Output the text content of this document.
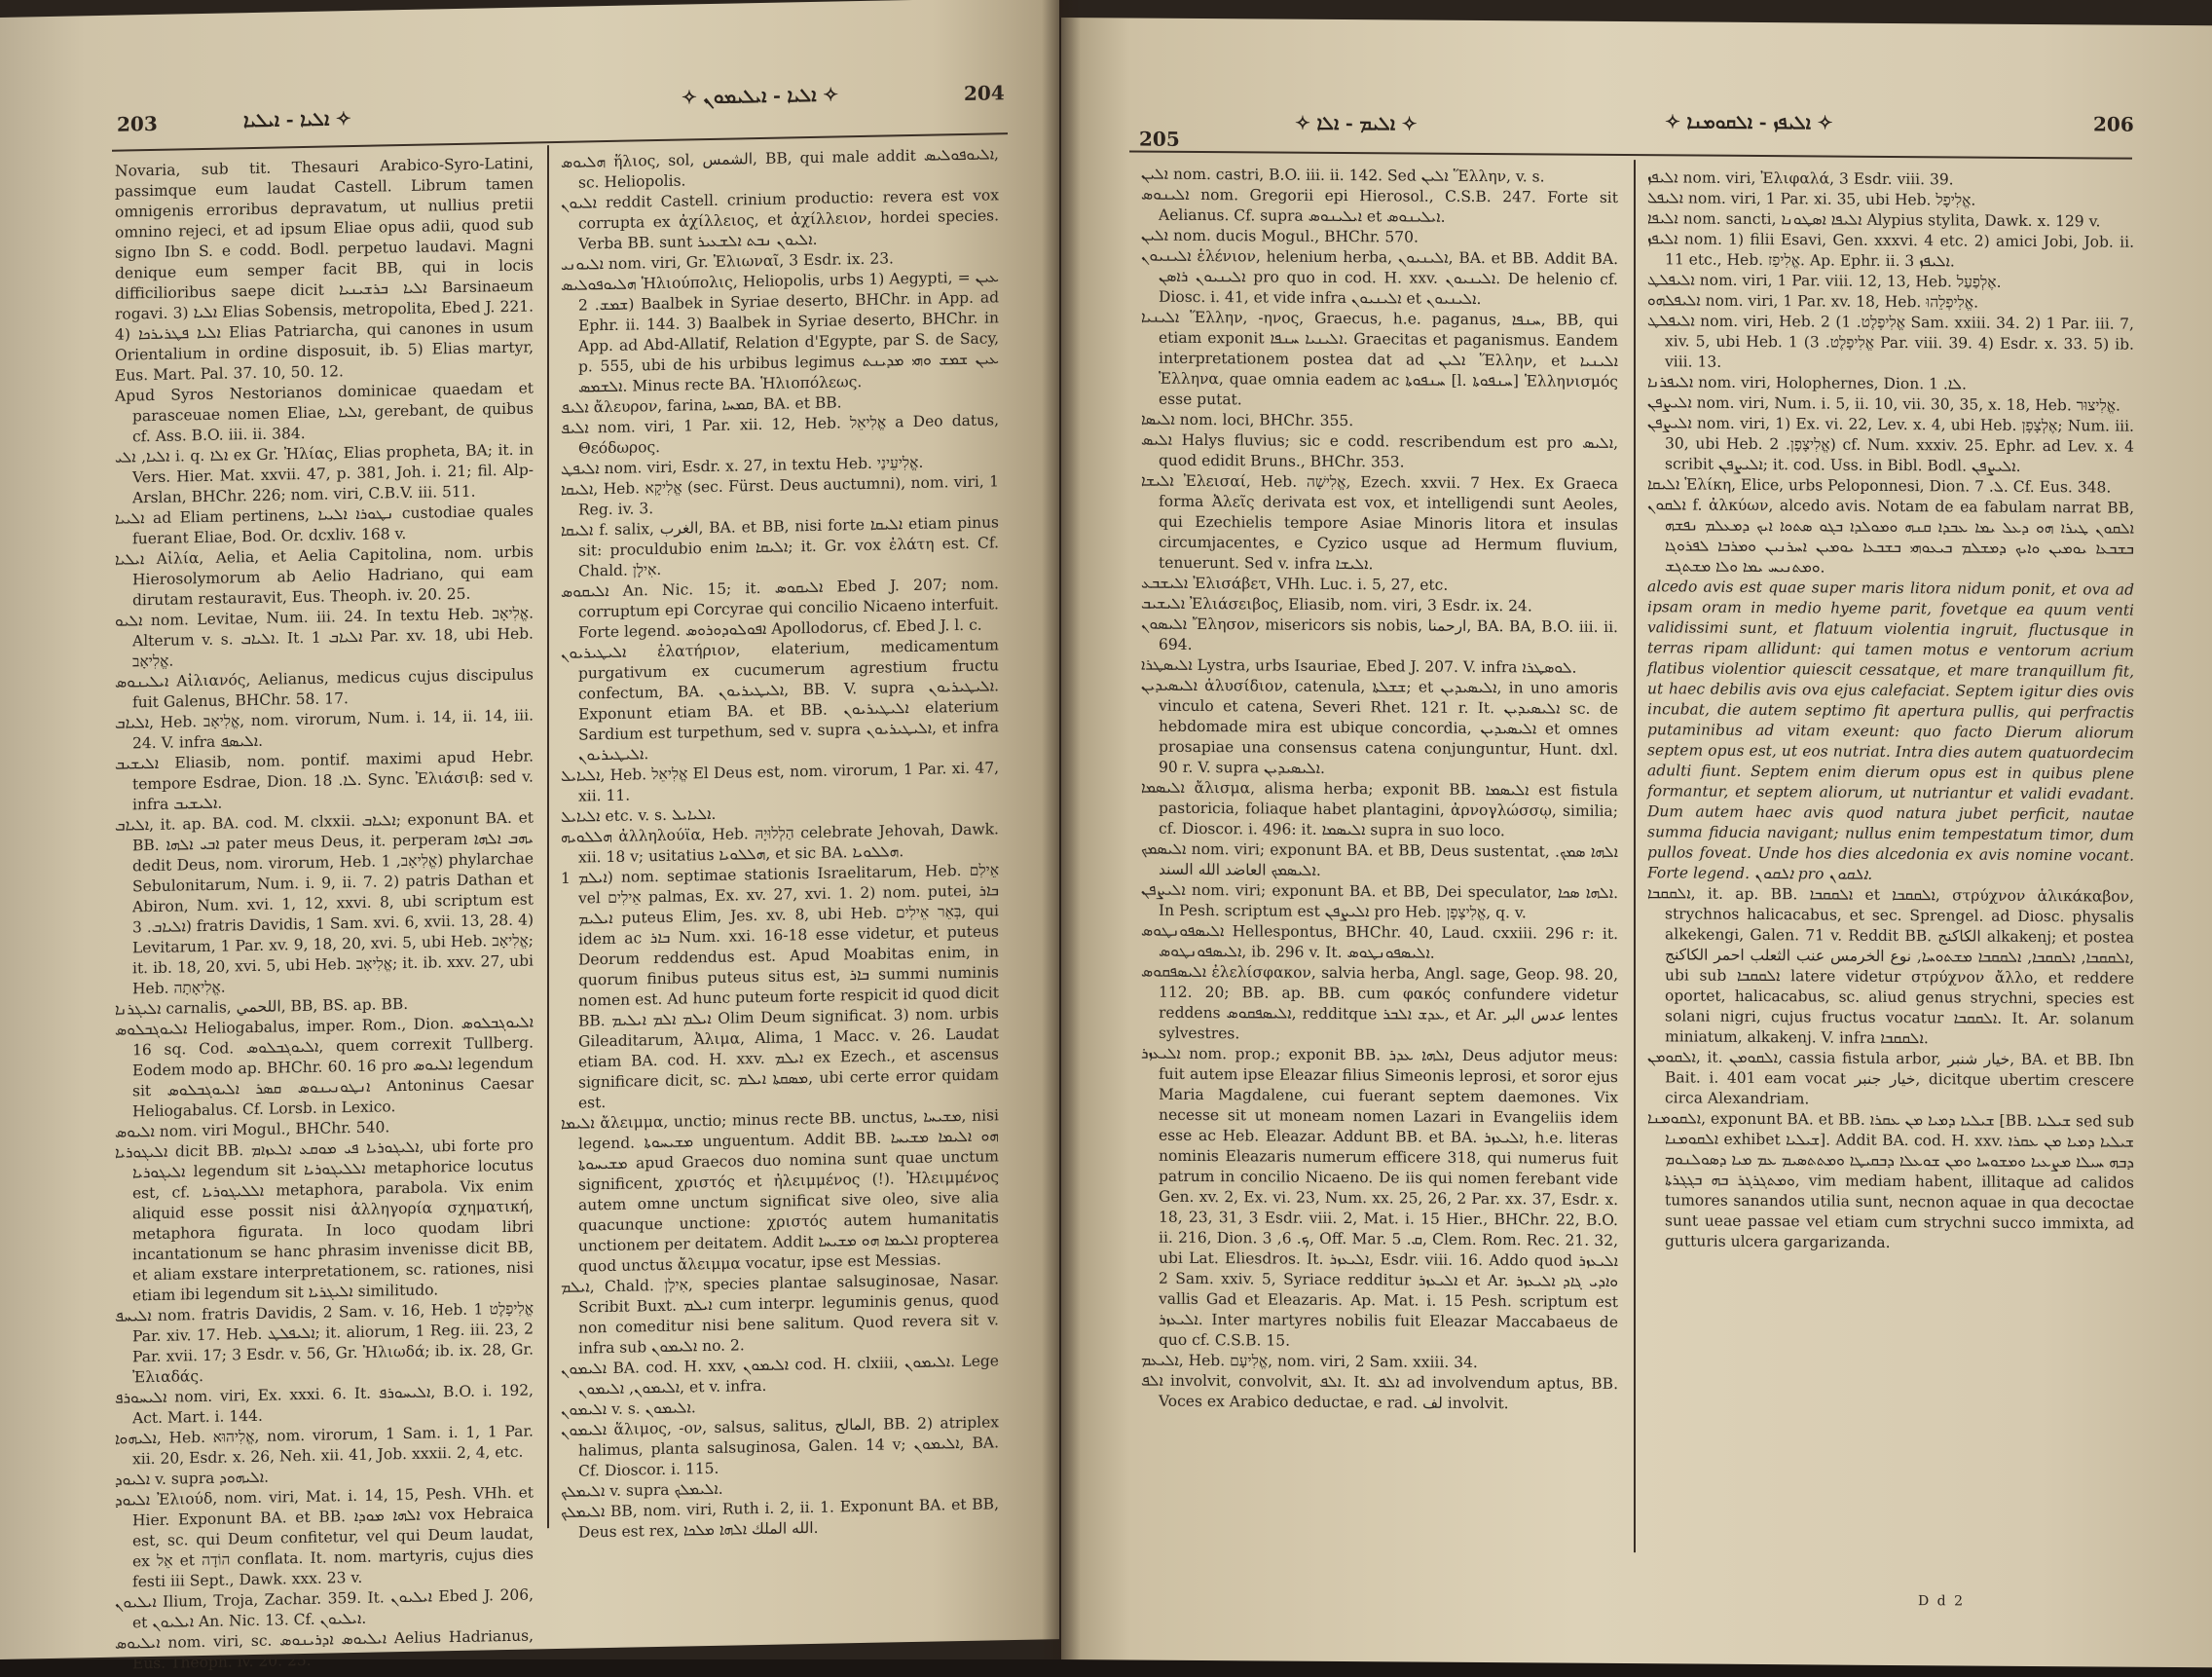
203	ܐܠܝܐ - ܐܝܠܝܐ ✧
✧ ܐܠܝܐ - ܐܝܠܝܡܘܢ ✧	204

Novaria, sub tit. Thesauri Arabico-Syro-Latini, passimque eum laudat Castell. Librum tamen omnigenis erroribus depravatum, ut nullius pretii omnino rejeci, et ad ipsum Eliae opus adii, quod sub signo Ibn S. e codd. Bodl. perpetuo laudavi. Magni denique eum semper facit BB, qui in locis difficilioribus saepe dicit ܐܠܝܐ ܒܪܫܝܢܝܐ Barsinaeum rogavi. 3) ܐܠܝܐ Elias Sobensis, metropolita, Ebed J. 221. 4) ܐܠܝܐ ܦܛܪܝܪܟܐ Elias Patriarcha, qui canones in usum Orientalium in ordine disposuit, ib. 5) Elias martyr, Eus. Mart. Pal. 37. 10, 50. 12.

Apud Syros Nestorianos dominicae quaedam et parasceuae nomen Eliae, ܐܠܝܐ, gerebant, de quibus cf. Ass. B.O. iii. ii. 384.

ܐܠܝܐ, ܐܠܝ i. q. ܐܠܐ ex Gr. Ἠλίας, Elias propheta, BA; it. in Vers. Hier. Mat. xxvii. 47, p. 381, Joh. i. 21; fil. Alp-Arslan, BHChr. 226; nom. viri, C.B.V. iii. 511.

ܐܠܝܝܐ ad Eliam pertinens, ܢܛܘܪܐ ܐܠܝܝܐ custodiae quales fuerant Eliae, Bod. Or. dcxliv. 168 v.

ܐܝܠܝܐ Αἰλία, Aelia, et Aelia Capitolina, nom. urbis Hierosolymorum ab Aelio Hadriano, qui eam dirutam restauravit, Eus. Theoph. iv. 20. 25.

ܐܠܝܘ nom. Levitae, Num. iii. 24. In textu Heb. אֱלִיאָב. Alterum v. s. ܐܠܝܐܒ. It. ܐܠܝܐܒ 1 Par. xv. 18, ubi Heb. אֱלִיאָב.

ܐܝܠܝܢܘܣ Αἰλιανός, Aelianus, medicus cujus discipulus fuit Galenus, BHChr. 58. 17.

ܐܠܝܐܒ, Heb. אֱלִיאָב, nom. virorum, Num. i. 14, ii. 14, iii. 24. V. infra ܐܠܝܣܦ.

ܐܠܝܫܝܒ Eliasib, nom. pontif. maximi apud Hebr. tempore Esdrae, Dion. ܠܐ. 18. Sync. Ἐλιάσιβ: sed v. infra ܐܠܝܫܝܒ.

ܐܠܝܐܒ, it. ap. BA. cod. M. clxxii. ܐܠܝܐܒ; exponunt BA. et BB. ܐܒܝ ܐܠܗܐ pater meus Deus, it. perperam ܝܗܒ ܐܠܗܐ dedit Deus, nom. virorum, Heb. אֱלִיאָב, 1) phylarchae Sebulonitarum, Num. i. 9, ii. 7. 2) patris Dathan et Abiron, Num. xvi. 1, 12, xxvi. 8, ubi scriptum est ܐܠܝܐܒ. 3) fratris Davidis, 1 Sam. xvi. 6, xvii. 13, 28. 4) Levitarum, 1 Par. xv. 9, 18, 20, xvi. 5, ubi Heb. אֱלִיאָב; it. ib. 18, 20, xvi. 5, ubi Heb. אֱלִיאָב; it. ib. xxv. 27, ubi Heb. אֱלִיאָתָה.

ܐܠܝܓܪܢܐ carnalis, اللحمي, BB, BS. ap. BB.

ܐܠܝܘܓܒܠܘܣ Heliogabalus, imper. Rom., Dion. ܐܠܝܘܓܒܠܘܣ 16 sq. Cod. ܐܠܝܘܓܒܠܘܣ, quem correxit Tullberg. Eodem modo ap. BHChr. 60. 16 pro ܐܠܝܘܣ legendum sit ܐܢܛܘܢܝܢܘܣ ܩܣܪ ܐܠܝܘܓܒܠܘܣ Antoninus Caesar Heliogabalus. Cf. Lorsb. in Lexico.

ܐܠܝܘܣ nom. viri Mogul., BHChr. 540.

ܐܠܝܓܘܪܝܐ dicit BB. ܐܠܝܓܘܪܝܐ ܦܝ ܡܘܩܥ ܐܠܥܙܐܡ, ubi forte pro ܐܠܝܓܘܪܝܐ legendum sit ܐܠܠܝܓܘܪܝܐ metaphorice locutus est, cf. ܐܠܠܝܓܘܪܝܐ metaphora, parabola. Vix enim aliquid esse possit nisi ἀλληγορία σχηματική, metaphora figurata. In loco quodam libri incantationum se hanc phrasim invenisse dicit BB, et aliam exstare interpretationem, sc. rationes, nisi etiam ibi legendum sit ܐܠܝܓܪܝܐ similitudo.

ܐܠܝܚܦ nom. fratris Davidis, 2 Sam. v. 16, Heb. אֱלִיפָלֶט 1 Par. xiv. 17. Heb. ܐܠܝܦܠܛ; it. aliorum, 1 Reg. iii. 23, 2 Par. xvii. 17; 3 Esdr. v. 56, Gr. Ἠλιωδά; ib. ix. 28, Gr. Ἐλιαδάς.

ܐܠܝܚܘܪܦ nom. viri, Ex. xxxi. 6. It. ܐܠܝܚܘܪܦ, B.O. i. 192, Act. Mart. i. 144.

ܐܠܝܗܘܐ, Heb. אֱלִיהוּא, nom. virorum, 1 Sam. i. 1, 1 Par. xii. 20, Esdr. x. 26, Neh. xii. 41, Job. xxxii. 2, 4, etc.

ܐܠܝܘܕ v. supra ܐܠܝܗܘܕ.

ܐܠܝܘܕ Ἐλιούδ, nom. viri, Mat. i. 14, 15, Pesh. VHh. et Hier. Exponunt BA. et BB. ܐܠܗܐ ܡܘܕܐ vox Hebraica est, sc. qui Deum confitetur, vel qui Deum laudat, ex אֵל et הוֹדָה conflata. It. nom. martyris, cujus dies festi iii Sept., Dawk. xxx. 23 v.

ܐܝܠܝܘܢ Ilium, Troja, Zachar. 359. It. ܐܝܠܝܘܢ Ebed J. 206, et ܐܝܠܝܘܢ An. Nic. 13. Cf. ܐܝܠܝܘܢ.

ܐܝܠܝܘܣ nom. viri, sc. ܐܝܠܝܘܣ ܐܕܪܝܢܘܣ Aelius Hadrianus, Eus. Theoph. iv. 20. 25.

ܗܠܝܘܣ ἥλιος, sol, الشمس, BB, qui male addit ܐܠܝܘܦܘܠܝܣ, sc. Heliopolis.

ܐܠܝܘܢ reddit Castell. crinium productio: revera est vox corrupta ex ἀχίλλειος, et ἀχίλλειον, hordei species. Verba BB. sunt ܐܠܝܘܢ ܢܒܬ ܐܠܫܥܝܪ.

ܐܠܝܘܢܝ nom. viri, Gr. Ἐλιωναῖ, 3 Esdr. ix. 23.

ܗܠܝܘܦܘܠܝܣ Ἡλιούπολις, Heliopolis, urbs 1) Aegypti, = ܥܝܢ ܫܡܫ. 2) Baalbek in Syriae deserto, BHChr. in App. ad Ephr. ii. 144. 3) Baalbek in Syriae deserto, BHChr. in App. ad Abd-Allatif, Relation d'Egypte, par S. de Sacy, p. 555, ubi de his urbibus legimus ܥܝܢ ܫܡܫ ܘܗܝ ܡܕܝܢܬ ܐܠܫܡܣ. Minus recte BA. Ἡλιοπόλεως.

ܐܠܝܦ ἄλευρον, farina, ܩܡܚܐ, BA. et BB.

ܐܠܝܦ nom. viri, 1 Par. xii. 12, Heb. אֱלִיאֵל a Deo datus, Θεόδωρος.

ܐܠܝܦܛ nom. viri, Esdr. x. 27, in textu Heb. אֱלִיעֵינַי.

ܐܠܝܩܐ, Heb. אֱלִיקָא (sec. Fürst. Deus auctumni), nom. viri, 1 Reg. iv. 3.

ܐܠܝܩܐ f. salix, الغرب, BA. et BB, nisi forte ܐܠܝܩܐ etiam pinus sit: proculdubio enim ܐܠܝܩܐ; it. Gr. vox ἐλάτη est. Cf. Chald. אִילָן.

ܐܠܝܩܘܣ An. Nic. 15; it. ܐܠܝܩܘܣ Ebed J. 207; nom. corruptum epi Corcyrae qui concilio Nicaeno interfuit. Forte legend. ܐܦܘܠܘܕܘܪܘܣ Apollodorus, cf. Ebed J. l. c.

ܐܠܝܛܝܪܝܘܢ ἐλατήριον, elaterium, medicamentum purgativum ex cucumerum agrestium fructu confectum, BA. ܐܠܝܛܝܪܝܘܢ, BB. V. supra ܐܠܝܛܝܪܝܘܢ. Exponunt etiam BA. et BB. ܐܠܝܛܝܪܝܘܢ elaterium Sardium est turpethum, sed v. supra ܐܠܝܛܝܪܝܘܢ, et infra ܐܠܝܛܝܪܝܘܢ.

ܐܠܝܐܝܠ, Heb. אֱלִיאֵל El Deus est, nom. virorum, 1 Par. xi. 47, xii. 11.

ܐܠܝܐܝܠ etc. v. s. ܐܠܝܐܝܠ.

ܗܠܠܘܝܗ ἀλληλούϊα, Heb. הַלְלוּיָהּ celebrate Jehovah, Dawk. xii. 18 v; usitatius ܗܠܠܘܝܐ, et sic BA. ܗܠܠܘܝܐ.

ܐܝܠܡ 1) nom. septimae stationis Israelitarum, Heb. אֵילִם vel אֵילִים palmas, Ex. xv. 27, xvi. 1. 2) nom. putei, ܒܐܪ ܐܝܠܝܡ puteus Elim, Jes. xv. 8, ubi Heb. בְּאֵר אֵילִים, qui idem ac ܒܐܪ Num. xxi. 16-18 esse videtur, et puteus Deorum reddendus est. Apud Moabitas enim, in quorum finibus puteus situs est, ܒܐܪ summi numinis nomen est. Ad hunc puteum forte respicit id quod dicit BB. ܐܝܠܡ ܐܠܡ ܐܝܠܝܡ Olim Deum significat. 3) nom. urbis Gileaditarum, Ἀλιμα, Alima, 1 Macc. v. 26. Laudat etiam BA. cod. H. xxv. ܐܝܠܡ ex Ezech., et ascensus significare dicit, sc. ܡܣܩܬܐ ܐܝܠܡ, ubi certe error quidam est.

ܐܠܝܡܐ ἄλειμμα, unctio; minus recte BB. unctus, ܡܫܝܚܐ, nisi legend. ܡܫܝܚܘܬܐ unguentum. Addit BB. ܗܘ ܐܠܝܡܐ ܡܫܝܚܐ ܡܫܝܚܘܬܐ apud Graecos duo nomina sunt quae unctum significent, χριστός et ἠλειμμένος (!). Ἠλειμμένος autem omne unctum significat sive oleo, sive alia quacunque unctione: χριστός autem humanitatis unctionem per deitatem. Addit ܐܠܝܡܐ ܗܘ ܡܫܝܚܐ propterea quod unctus ἄλειμμα vocatur, ipse est Messias.

ܐܝܠܡ, Chald. אִילָן, species plantae salsuginosae, Nasar. Scribit Buxt. ܐܝܠܡ cum interpr. leguminis genus, quod non comeditur nisi bene salitum. Quod revera sit v. infra sub ܐܠܝܡܘܢ no. 2.

ܐܠܝܡܘܢ BA. cod. H. xxv, ܐܠܝܡܘܢ cod. H. clxiii, ܐܠܝܡܘܢ. Lege ܐܠܝܡܘܢ, ܐܠܝܡܘܢ, et v. infra.

ܐܠܝܡܘܢ v. s. ܐܠܝܡܘܢ.

ܐܠܝܡܘܢ ἅλιμος, -ον, salsus, salitus, المالح, BB. 2) atriplex halimus, planta salsuginosa, Galen. 14 v; ܐܠܝܡܘܢ, BA. Cf. Dioscor. i. 115.

ܐܠܝܡܠܟ v. supra ܐܠܝܡܠܟ.

ܐܠܝܡܠܟ BB, nom. viri, Ruth i. 2, ii. 1. Exponunt BA. et BB, Deus est rex, الله الملك ܐܠܗܐ ܡܠܟܐ.

205
✧ ܐܠܝܡ - ܐܠܐ ✧	✧ ܐܠܝܦܙ - ܐܠܩܘܡܢܐ ✧	206

ܐܠܝܢ nom. castri, B.O. iii. ii. 142. Sed ܐܠܝܢ Ἕλλην, v. s.

ܐܠܝܢܘܣ nom. Gregorii epi Hierosol., C.S.B. 247. Forte sit Aelianus. Cf. supra ܐܝܠܝܢܘܣ et ܐܝܠܝܢܘܣ.

ܐܠܝܢ nom. ducis Mogul., BHChr. 570.

ܐܠܝܢܝܘܢ ἑλένιον, helenium herba, ܐܠܝܢܝܘܢ, BA. et BB. Addit BA. ܐܠܝܢܝܘܢ ܪܐܣܢ pro quo in cod. H. xxv. ܐܠܝܢܝܘܢ. De helenio cf. Diosc. i. 41, et vide infra ܐܠܝܢܝܘܢ et ܐܠܝܢܝܘܢ.

ܐܠܝܢܝܐ Ἕλλην, -ηνος, Graecus, h.e. paganus, ܚܢܦܐ, BB, qui etiam exponit ܐܠܝܢܝܐ ܚܢܦܐ. Graecitas et paganismus. Eandem interpretationem postea dat ad ܐܠܝܢ Ἕλλην, et ܐܠܝܢܝܐ Ἑλληνα, quae omnia eadem ac ܚܢܦܘܬܐ [l. ܚܢܦܘܬܐ] Ἑλληνισμός esse putat.

ܐܠܝܣܐ nom. loci, BHChr. 355.

ܐܠܝܣ Halys fluvius; sic e codd. rescribendum est pro ܐܠܝܣ, quod edidit Bruns., BHChr. 353.

ܐܠܝܫܐ Ἐλεισαί, Heb. אֱלִישָׁה, Ezech. xxvii. 7 Hex. Ex Graeca forma Ἀλεῖς derivata est vox, et intelligendi sunt Aeoles, qui Ezechielis tempore Asiae Minoris litora et insulas circumjacentes, e Cyzico usque ad Hermum fluvium, tenuerunt. Sed v. infra ܐܠܝܫܐ.

ܐܠܝܫܒܥ Ἐλισάβετ, VHh. Luc. i. 5, 27, etc.

ܐܠܝܫܝܒ Ἐλιάσειβος, Eliasib, nom. viri, 3 Esdr. ix. 24.

ܐܠܝܣܘܢ Ἔλησον, misericors sis nobis, ارحمنا, BA. BA, B.O. iii. ii. 694.

ܐܠܝܣܛܪܐ Lystra, urbs Isauriae, Ebed J. 207. V. infra ܠܘܣܛܪܐ.

ܐܠܝܣܝܕܝܢ ἁλυσίδιον, catenula, ܫܫܠܬܐ; et ܐܠܝܣܝܕܝܢ, in uno amoris vinculo et catena, Severi Rhet. 121 r. It. ܐܠܝܣܝܕܝܢ sc. de hebdomade mira est ubique concordia, ܐܠܝܣܝܕܝܢ et omnes prosapiae una consensus catena conjunguntur, Hunt. dxl. 90 r. V. supra ܐܠܝܣܝܕܝܢ.

ܐܠܝܣܡܐ ἄλισμα, alisma herba; exponit BB. ܐܠܝܣܡܐ est fistula pastoricia, foliaque habet plantagini, ἀρνογλώσσῳ, similia; cf. Dioscor. i. 496: it. ܐܠܝܣܡܐ supra in suo loco.

ܐܠܝܣܡܟ nom. viri; exponunt BA. et BB, Deus sustentat, ܐܠܗܐ ܣܡܟ. ܐܠܝܣܡܟ العاضد الله السند.

ܐܠܝܨܦܢ nom. viri; exponunt BA. et BB, Dei speculator, ܐܠܗܐ ܣܟܐ. In Pesh. scriptum est ܐܠܝܨܦܢ pro Heb. אֱלִיצָפָן, q. v.

ܐܠܝܣܦܘܢܛܘܣ Hellespontus, BHChr. 40, Laud. cxxiii. 296 r: it. ܐܠܝܣܦܘܢܛܘܣ, ib. 296 v. It. ܐܠܝܣܦܘܢܛܘܣ.

ܐܠܝܣܦܩܘܣ ἐλελίσφακον, salvia herba, Angl. sage, Geop. 98. 20, 112. 20; BB. ap. BB. cum φακός confundere videtur reddens ܐܠܝܣܦܩܘܣ, redditque ܥܕܫ ܐܠܒܪ, et Ar. عدس البر lentes sylvestres.

ܐܠܝܥܙܪ nom. prop.; exponit BB. ܐܠܗܐ ܥܕܪ, Deus adjutor meus: fuit autem ipse Eleazar filius Simeonis leprosi, et soror ejus Maria Magdalene, cui fuerant septem daemones. Vix necesse sit ut moneam nomen Lazari in Evangeliis idem esse ac Heb. Eleazar. Addunt BB. et BA. ܐܠܝܥܙܪ, h.e. literas nominis Eleazaris numerum efficere 318, qui numerus fuit patrum in concilio Nicaeno. De iis qui nomen ferebant vide Gen. xv. 2, Ex. vi. 23, Num. xx. 25, 26, 2 Par. xx. 37, Esdr. x. 18, 23, 31, 3 Esdr. viii. 2, Mat. i. 15 Hier., BHChr. 22, B.O. ii. 216, Dion. ܟ. 6, 3, Off. Mar. ܩ. 5, Clem. Rom. Rec. 21. 32, ubi Lat. Eliesdros. It. ܐܠܝܥܙܪ, Esdr. viii. 16. Addo quod ܐܠܝܥܙܪ 2 Sam. xxiv. 5, Syriace redditur ܐܠܝܥܙܪ et Ar. ܘܐܕܝ ܓܐܕ ܐܠܝܥܙܪ vallis Gad et Eleazaris. Ap. Mat. i. 15 Pesh. scriptum est ܐܠܝܥܙܪ. Inter martyres nobilis fuit Eleazar Maccabaeus de quo cf. C.S.B. 15.

ܐܠܝܥܡ, Heb. אֱלִיעָם, nom. viri, 2 Sam. xxiii. 34.

ܐܠܦ involvit, convolvit, ܐܠܦ. It. ܐܠܦ ad involvendum aptus, BB. Voces ex Arabico deductae, e rad. لف involvit.

ܐܠܝܦܙ nom. viri, Ἐλιφαλά, 3 Esdr. viii. 39.

ܐܠܝܦܠ nom. viri, 1 Par. xi. 35, ubi Heb. אֱלִיפָל.

ܐܠܝܦܐ nom. sancti, ܐܠܝܦܐ ܐܣܛܘܢܐ Alypius stylita, Dawk. x. 129 v.

ܐܠܝܦܙ nom. 1) filii Esavi, Gen. xxxvi. 4 etc. 2) amici Jobi, Job. ii. 11 etc., Heb. אֱלִיפַז. Ap. Ephr. ii. 3 ܐܠܝܦܙ.

ܐܠܝܦܠܛ nom. viri, 1 Par. viii. 12, 13, Heb. אֶלְפַעַל.

ܐܠܝܦܠܗܘ nom. viri, 1 Par. xv. 18, Heb. אֱלִיפְלֵהוּ.

ܐܠܝܦܠܛ nom. viri, Heb. אֱלִיפֶלֶט. 1) 2 Sam. xxiii. 34. 2) 1 Par. iii. 7, xiv. 5, ubi Heb. אֱלִיפָלֶט. 3) 1 Par. viii. 39. 4) Esdr. x. 33. 5) ib. viii. 13.

ܐܠܝܦܪܢܐ nom. viri, Holophernes, Dion. ܠܐ. 1.

ܐܠܝܨܦܢ nom. viri, Num. i. 5, ii. 10, vii. 30, 35, x. 18, Heb. אֱלִיצוּר.

ܐܠܝܨܦܢ nom. viri, 1) Ex. vi. 22, Lev. x. 4, ubi Heb. אֶלְצָפָן; Num. iii. 30, ubi Heb. אֱלִיצָפָן. 2) cf. Num. xxxiv. 25. Ephr. ad Lev. x. 4 scribit ܐܠܝܨܦܢ; it. cod. Uss. in Bibl. Bodl. ܐܠܝܨܦܢ.

ܐܠܝܩܐ Ἑλίκη, Elice, urbs Peloponnesi, Dion. ܠ. 7. Cf. Eus. 348.

ܐܠܩܘܢ f. ἀλκύων, alcedo avis. Notam de ea fabulam narrat BB, ܐܠܩܘܢ ܛܝܪܐ ܗܘ ܕܥܠ ܝܡܐ ܥܒܕܐ ܩܢܗ ܘܡܘܠܕܐ ܒܓܘ ܣܬܘܐ ܐܝܟ ܕܡܥܠܡ ܢܦܫܗ ܒܫܒܥܐ ܝܘܡܝܢ ܘܐܝܟ ܕܡܫܠܡ ܒܝܥܘܗܝ ܒܫܒܥܐ ܝܘܡܝܢ ܐܚܪܢܝܢ ܘܡܪܒܐ ܠܦܪܘܓܐ ܘܡܬܢܝܚ ܝܡܐ ܘܠܐ ܡܫܬܓܫ.

alcedo avis est quae super maris litora nidum ponit, et ova ad ipsam oram in medio hyeme parit, fovetque ea quum venti validissimi sunt, et flatuum violentia ingruit, fluctusque in terras ripam allidunt: qui tamen motus e ventorum acrium flatibus violentior quiescit cessatque, et mare tranquillum fit, ut haec debilis avis ova ejus calefaciat. Septem igitur dies ovis incubat, die autem septimo fit apertura pullis, qui perfractis putaminibus ad vitam exeunt: quo facto Dierum aliorum septem opus est, ut eos nutriat. Intra dies autem quatuordecim adulti fiunt. Septem enim dierum opus est in quibus plene formantur, et septem aliorum, ut nutriantur et validi evadant. Dum autem haec avis quod natura jubet perficit, nautae summa fiducia navigant; nullus enim tempestatum timor, dum pullos foveat. Unde hos dies alcedonia ex avis nomine vocant. Forte legend. ܐܠܩܘܢ pro ܐܠܩܘܢ.

ܐܠܩܩܒܐ, it. ap. BB. ܐܠܩܩܒܐ et ܐܠܩܩܒܐ, στρύχνον ἁλικάκαβον, strychnos halicacabus, et sec. Sprengel. ad Diosc. physalis alkekengi, Galen. 71 v. Reddit BB. الكاكنج alkakenj; et postea ܐܠܩܩܒܐ, ܐܠܩܩܒܐ, ܐܠܩܩܒܐ ܡܫܬܘܚܐ, نوع الخرمس عنب الثعلب احمر الكاكنج, ubi sub ܐܠܩܩܒܐ latere videtur στρύχνον ἄλλο, et reddere oportet, halicacabus, sc. aliud genus strychni, species est solani nigri, cujus fructus vocatur ܐܠܩܩܒܐ. It. Ar. solanum miniatum, alkakenj. V. infra ܐܠܩܩܒܐ.

ܐܠܩܘܡܢ, it. ܐܠܩܘܡܢ, cassia fistula arbor, خيار شنبر, BA. et BB. Ibn Bait. i. 401 eam vocat خيار جنبر, dicitque ubertim crescere circa Alexandriam.

ܐܠܩܘܡܢܐ, exponunt BA. et BB. ܫܝܠܝܐ ܕܡܝܐ ܡܢ ܥܩܪܐ [BB. ܫܝܠܝܐ sed sub ܐܠܩܘܡܢܐ exhibet ܫܝܠܝܐ]. Addit BA. cod. H. xxv. ܫܝܠܝܐ ܕܡܝܐ ܡܢ ܥܩܪܐ ܕܒܗ ܚܝܠܐ ܡܨܥܝܐ ܘܡܫܘܚܐ ܘܡܢ ܫܘܥܠܐ ܕܒܩܝܛܐ ܘܡܬܬܣܝܡ ܥܡ ܡܝܐ ܕܣܘܠܢܘܡ ܘܡܬܓܪܓܪ ܒܗ ܒܓܓܪܬܐ, vim mediam habent, illitaque ad calidos tumores sanandos utilia sunt, necnon aquae in qua decoctae sunt ueae passae vel etiam cum strychni succo immixta, ad gutturis ulcera gargarizanda.

D d 2
